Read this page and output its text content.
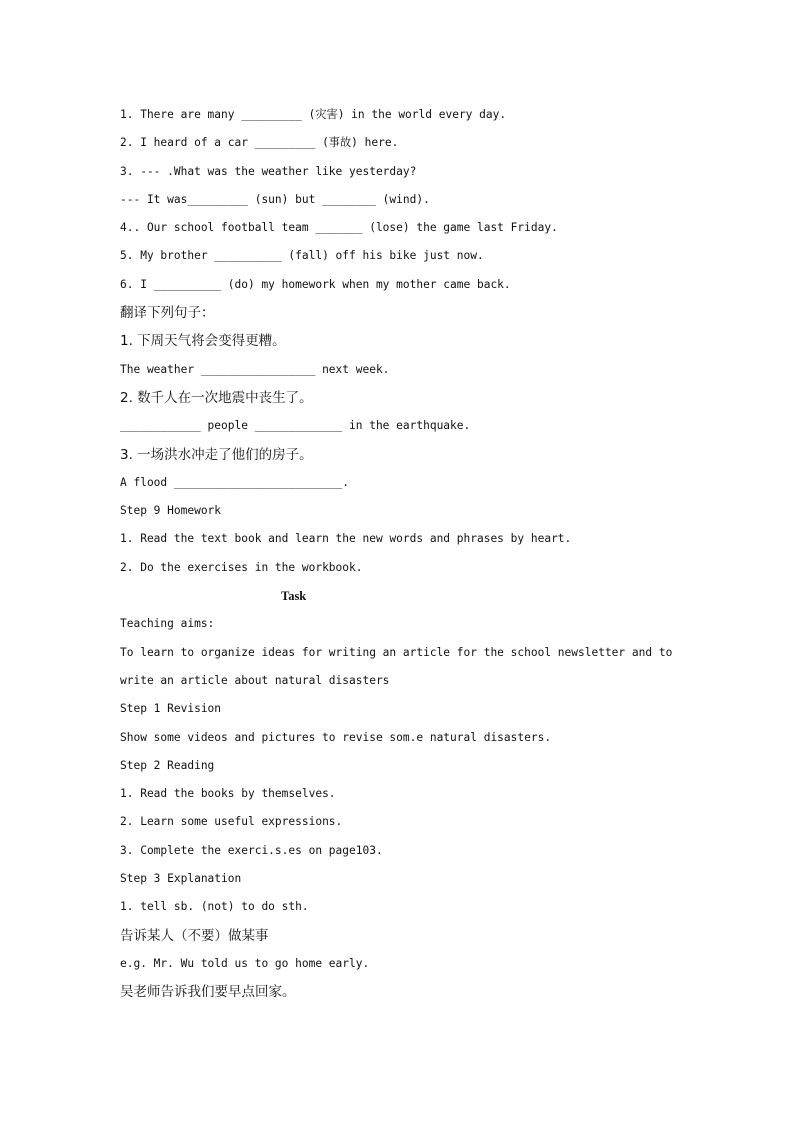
1. There are many _________ (灾害) in the world every day.
2. I heard of a car _________ (事故) here.
3. --- .What was the weather like yesterday?
--- It was_________ (sun) but ________ (wind).
4.. Our school football team _______ (lose) the game last Friday.
5. My brother __________ (fall) off his bike just now.
6. I __________ (do) my homework when my mother came back.
翻译下列句子：
1. 下周天气将会变得更糟。
The weather _________________ next week.
2. 数千人在一次地震中丧生了。
____________ people _____________ in the earthquake.
3. 一场洪水冲走了他们的房子。
A flood _________________________.
Step 9 Homework
1. Read the text book and learn the new words and phrases by heart.
2. Do the exercises in the workbook.
Task
Teaching aims:
To learn to organize ideas for writing an article for the school newsletter and to
write an article about natural disasters
Step 1 Revision
Show some videos and pictures to revise som.e natural disasters.
Step 2 Reading
1. Read the books by themselves.
2. Learn some useful expressions.
3. Complete the exerci.s.es on page103.
Step 3 Explanation
1. tell sb. (not) to do sth.
告诉某人（不要）做某事
e.g. Mr. Wu told us to go home early.
吴老师告诉我们要早点回家。
